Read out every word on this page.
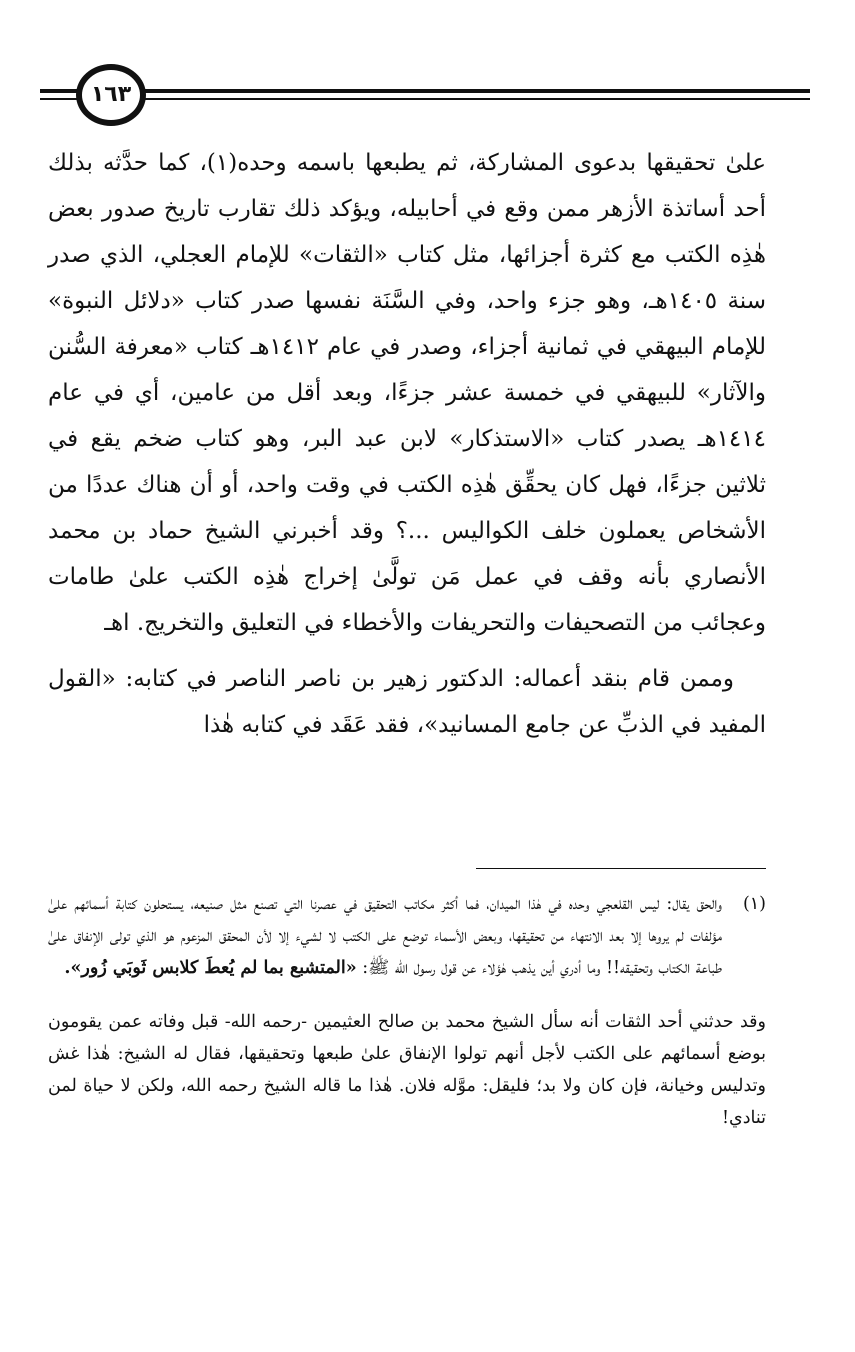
١٦٣

علىٰ تحقيقها بدعوى المشاركة، ثم يطبعها باسمه وحده(١)، كما حدَّثه بذلك أحد أساتذة الأزهر ممن وقع في أحابيله، ويؤكد ذلك تقارب تاريخ صدور بعض هٰذِه الكتب مع كثرة أجزائها، مثل كتاب «الثقات» للإمام العجلي، الذي صدر سنة ١٤٠٥هـ، وهو جزء واحد، وفي السَّنَة نفسها صدر كتاب «دلائل النبوة» للإمام البيهقي في ثمانية أجزاء، وصدر في عام ١٤١٢هـ كتاب «معرفة السُّنن والآثار» للبيهقي في خمسة عشر جزءًا، وبعد أقل من عامين، أي في عام ١٤١٤هـ يصدر كتاب «الاستذكار» لابن عبد البر، وهو كتاب ضخم يقع في ثلاثين جزءًا، فهل كان يحقِّق هٰذِه الكتب في وقت واحد، أو أن هناك عددًا من الأشخاص يعملون خلف الكواليس ...؟ وقد أخبرني الشيخ حماد بن محمد الأنصاري بأنه وقف في عمل مَن تولَّىٰ إخراج هٰذِه الكتب علىٰ طامات وعجائب من التصحيفات والتحريفات والأخطاء في التعليق والتخريج. اهـ

وممن قام بنقد أعماله: الدكتور زهير بن ناصر الناصر في كتابه: «القول المفيد في الذبِّ عن جامع المسانيد»، فقد عَقَد في كتابه هٰذا

(١)

والحق يقال: ليس القلعجي وحده في هٰذا الميدان، فما أكثر مكاتب التحقيق في عصرنا التي تصنع مثل صنيعه، يستحلون كتابة أسمائهم علىٰ مؤلفات لم يروها إلا بعد الانتهاء من تحقيقها، وبعض الأسماء توضع على الكتب لا لشيء إلا لأن المحقق المزعوم هو الذي تولى الإنفاق علىٰ طباعة الكتاب وتحقيقه!! وما أدري أين يذهب هٰؤلاء عن قول رسول الله ﷺ: «المتشبع بما لم يُعطَ كلابس ثَوبَي زُور».

وقد حدثني أحد الثقات أنه سأل الشيخ محمد بن صالح العثيمين -رحمه الله- قبل وفاته عمن يقومون بوضع أسمائهم على الكتب لأجل أنهم تولوا الإنفاق علىٰ طبعها وتحقيقها، فقال له الشيخ: هٰذا غش وتدليس وخيانة، فإن كان ولا بد؛ فليقل: موَّله فلان. هٰذا ما قاله الشيخ رحمه الله، ولكن لا حياة لمن تنادي!
